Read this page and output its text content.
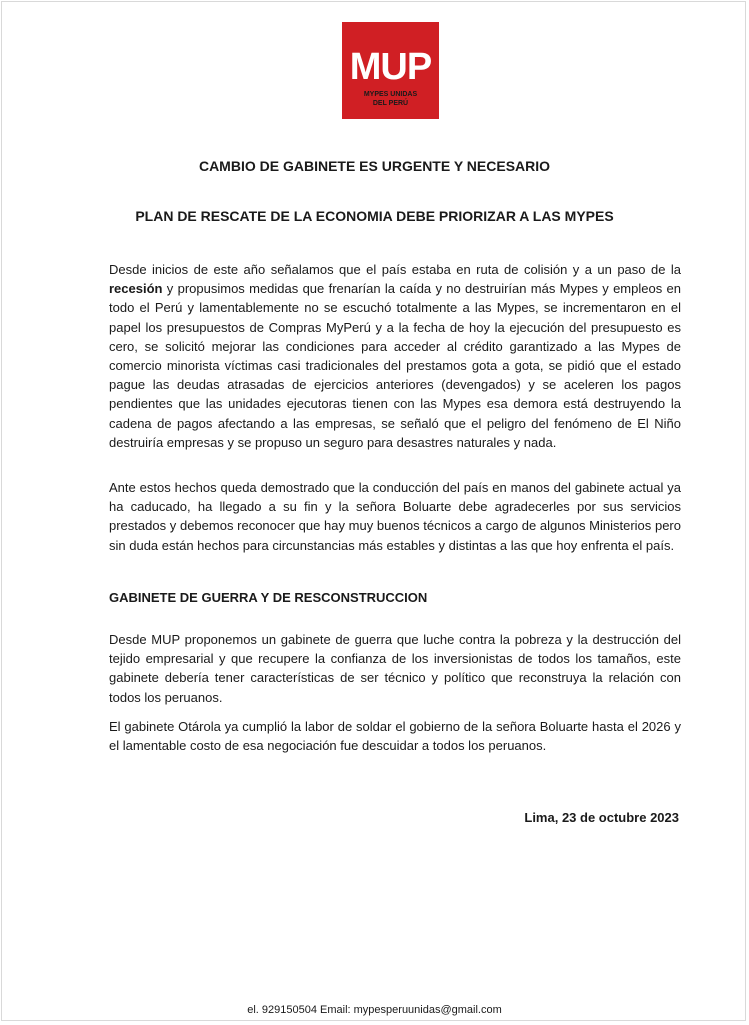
MUP
MYPES UNIDAS
DEL PERÚ

CAMBIO DE GABINETE ES URGENTE Y NECESARIO

PLAN DE RESCATE DE LA ECONOMIA DEBE PRIORIZAR A LAS MYPES

Desde inicios de este año señalamos que el país estaba en ruta de colisión y a un paso de la recesión y propusimos medidas que frenarían la caída y no destruirían más Mypes y empleos en todo el Perú y lamentablemente no se escuchó totalmente a las Mypes, se incrementaron en el papel los presupuestos de Compras MyPerú y a la fecha de hoy la ejecución del presupuesto es cero, se solicitó mejorar las condiciones para acceder al crédito garantizado a las Mypes de comercio minorista víctimas casi tradicionales del prestamos gota a gota, se pidió que el estado pague las deudas atrasadas de ejercicios anteriores (devengados) y se aceleren los pagos pendientes que las unidades ejecutoras tienen con las Mypes esa demora está destruyendo la cadena de pagos afectando a las empresas, se señaló que el peligro del fenómeno de El Niño destruiría empresas y se propuso un seguro para desastres naturales y nada.

Ante estos hechos queda demostrado que la conducción del país en manos del gabinete actual ya ha caducado, ha llegado a su fin y la señora Boluarte debe agradecerles por sus servicios prestados y debemos reconocer que hay muy buenos técnicos a cargo de algunos Ministerios pero sin duda están hechos para circunstancias más estables y distintas a las que hoy enfrenta el país.

GABINETE DE GUERRA Y DE RESCONSTRUCCION

Desde MUP proponemos un gabinete de guerra que luche contra la pobreza y la destrucción del tejido empresarial y que recupere la confianza de los inversionistas de todos los tamaños, este gabinete debería tener características de ser técnico y político que reconstruya la relación con todos los peruanos.

El gabinete Otárola ya cumplió la labor de soldar el gobierno de la señora Boluarte hasta el 2026 y el lamentable costo de esa negociación fue descuidar a todos los peruanos.

Lima, 23 de octubre 2023

el. 929150504 Email: mypesperuunidas@gmail.com
